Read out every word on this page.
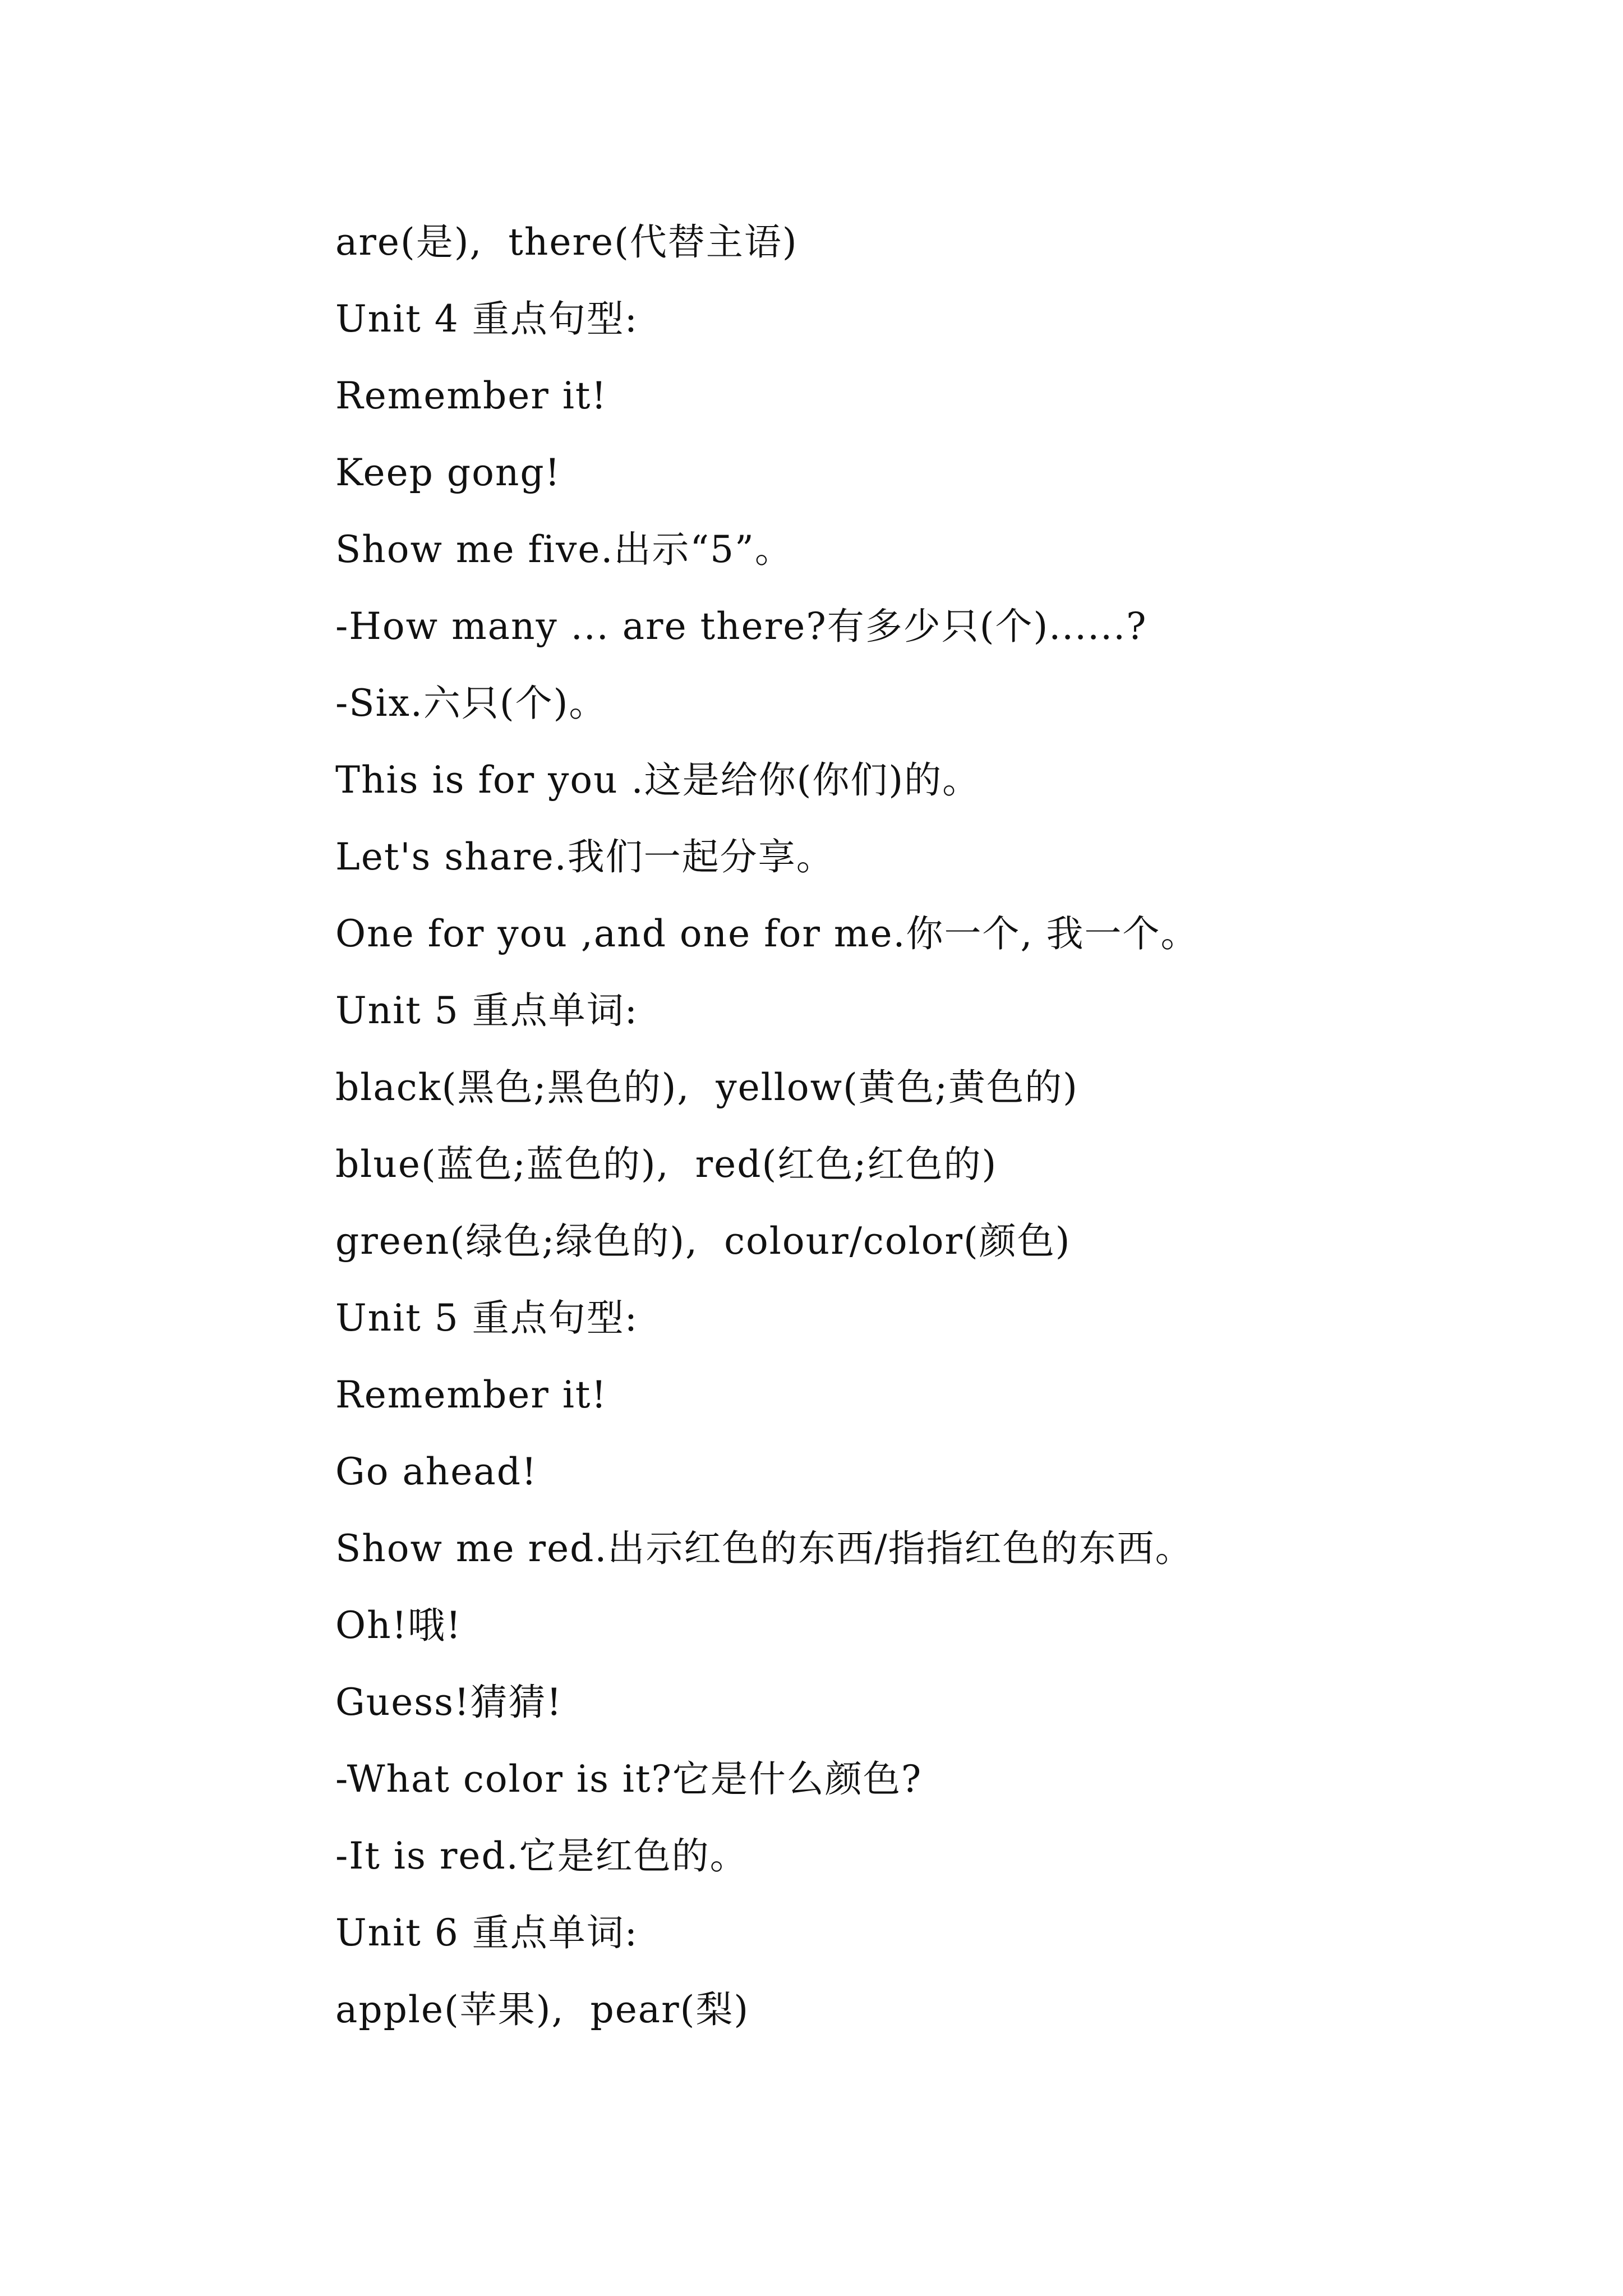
are(是),  there(代替主语)
Unit 4 重点句型:
Remember it!
Keep gong!
Show me five.出示“5”。
-How many ... are there?有多少只(个)......?
-Six.六只(个)。
This is for you .这是给你(你们)的。
Let's share.我们一起分享。
One for you ,and one for me.你一个, 我一个。
Unit 5 重点单词:
black(黑色;黑色的),  yellow(黄色;黄色的)
blue(蓝色;蓝色的),  red(红色;红色的)
green(绿色;绿色的),  colour/color(颜色)
Unit 5 重点句型:
Remember it!
Go ahead!
Show me red.出示红色的东西/指指红色的东西。
Oh!哦!
Guess!猜猜!
-What color is it?它是什么颜色?
-It is red.它是红色的。
Unit 6 重点单词:
apple(苹果),  pear(梨)
